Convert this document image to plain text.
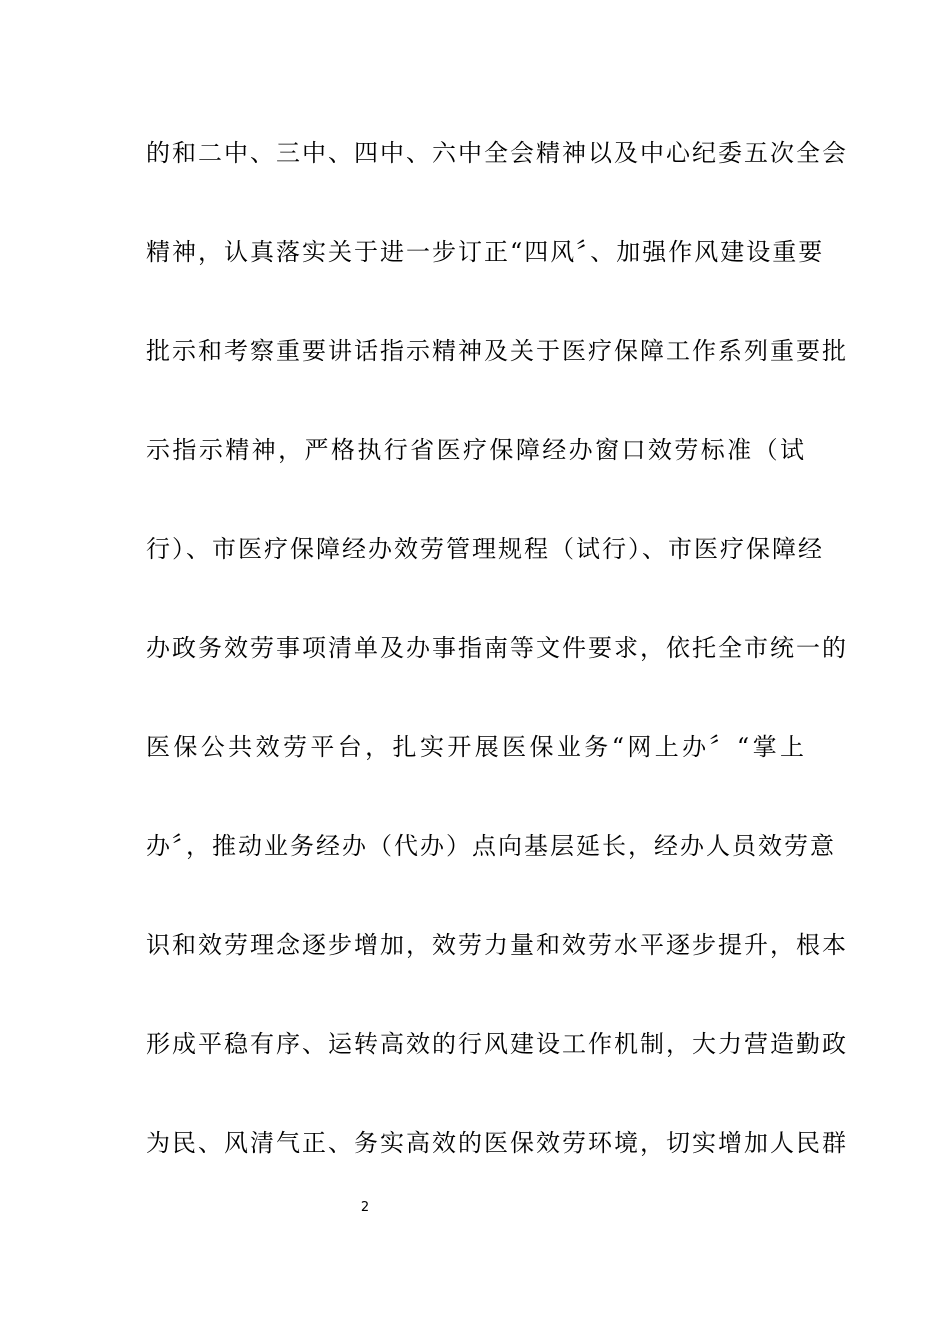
的和二中、三中、四中、六中全会精神以及中心纪委五次全会
精神，认真落实关于进一步订正“四风〞、加强作风建设重要
批示和考察重要讲话指示精神及关于医疗保障工作系列重要批
示指示精神，严格执行省医疗保障经办窗口效劳标准（试
行）、市医疗保障经办效劳管理规程（试行）、市医疗保障经
办政务效劳事项清单及办事指南等文件要求，依托全市统一的
医保公共效劳平台，扎实开展医保业务“网上办〞“掌上
办〞，推动业务经办（代办）点向基层延长，经办人员效劳意
识和效劳理念逐步增加，效劳力量和效劳水平逐步提升，根本
形成平稳有序、运转高效的行风建设工作机制，大力营造勤政
为民、风清气正、务实高效的医保效劳环境，切实增加人民群
2
